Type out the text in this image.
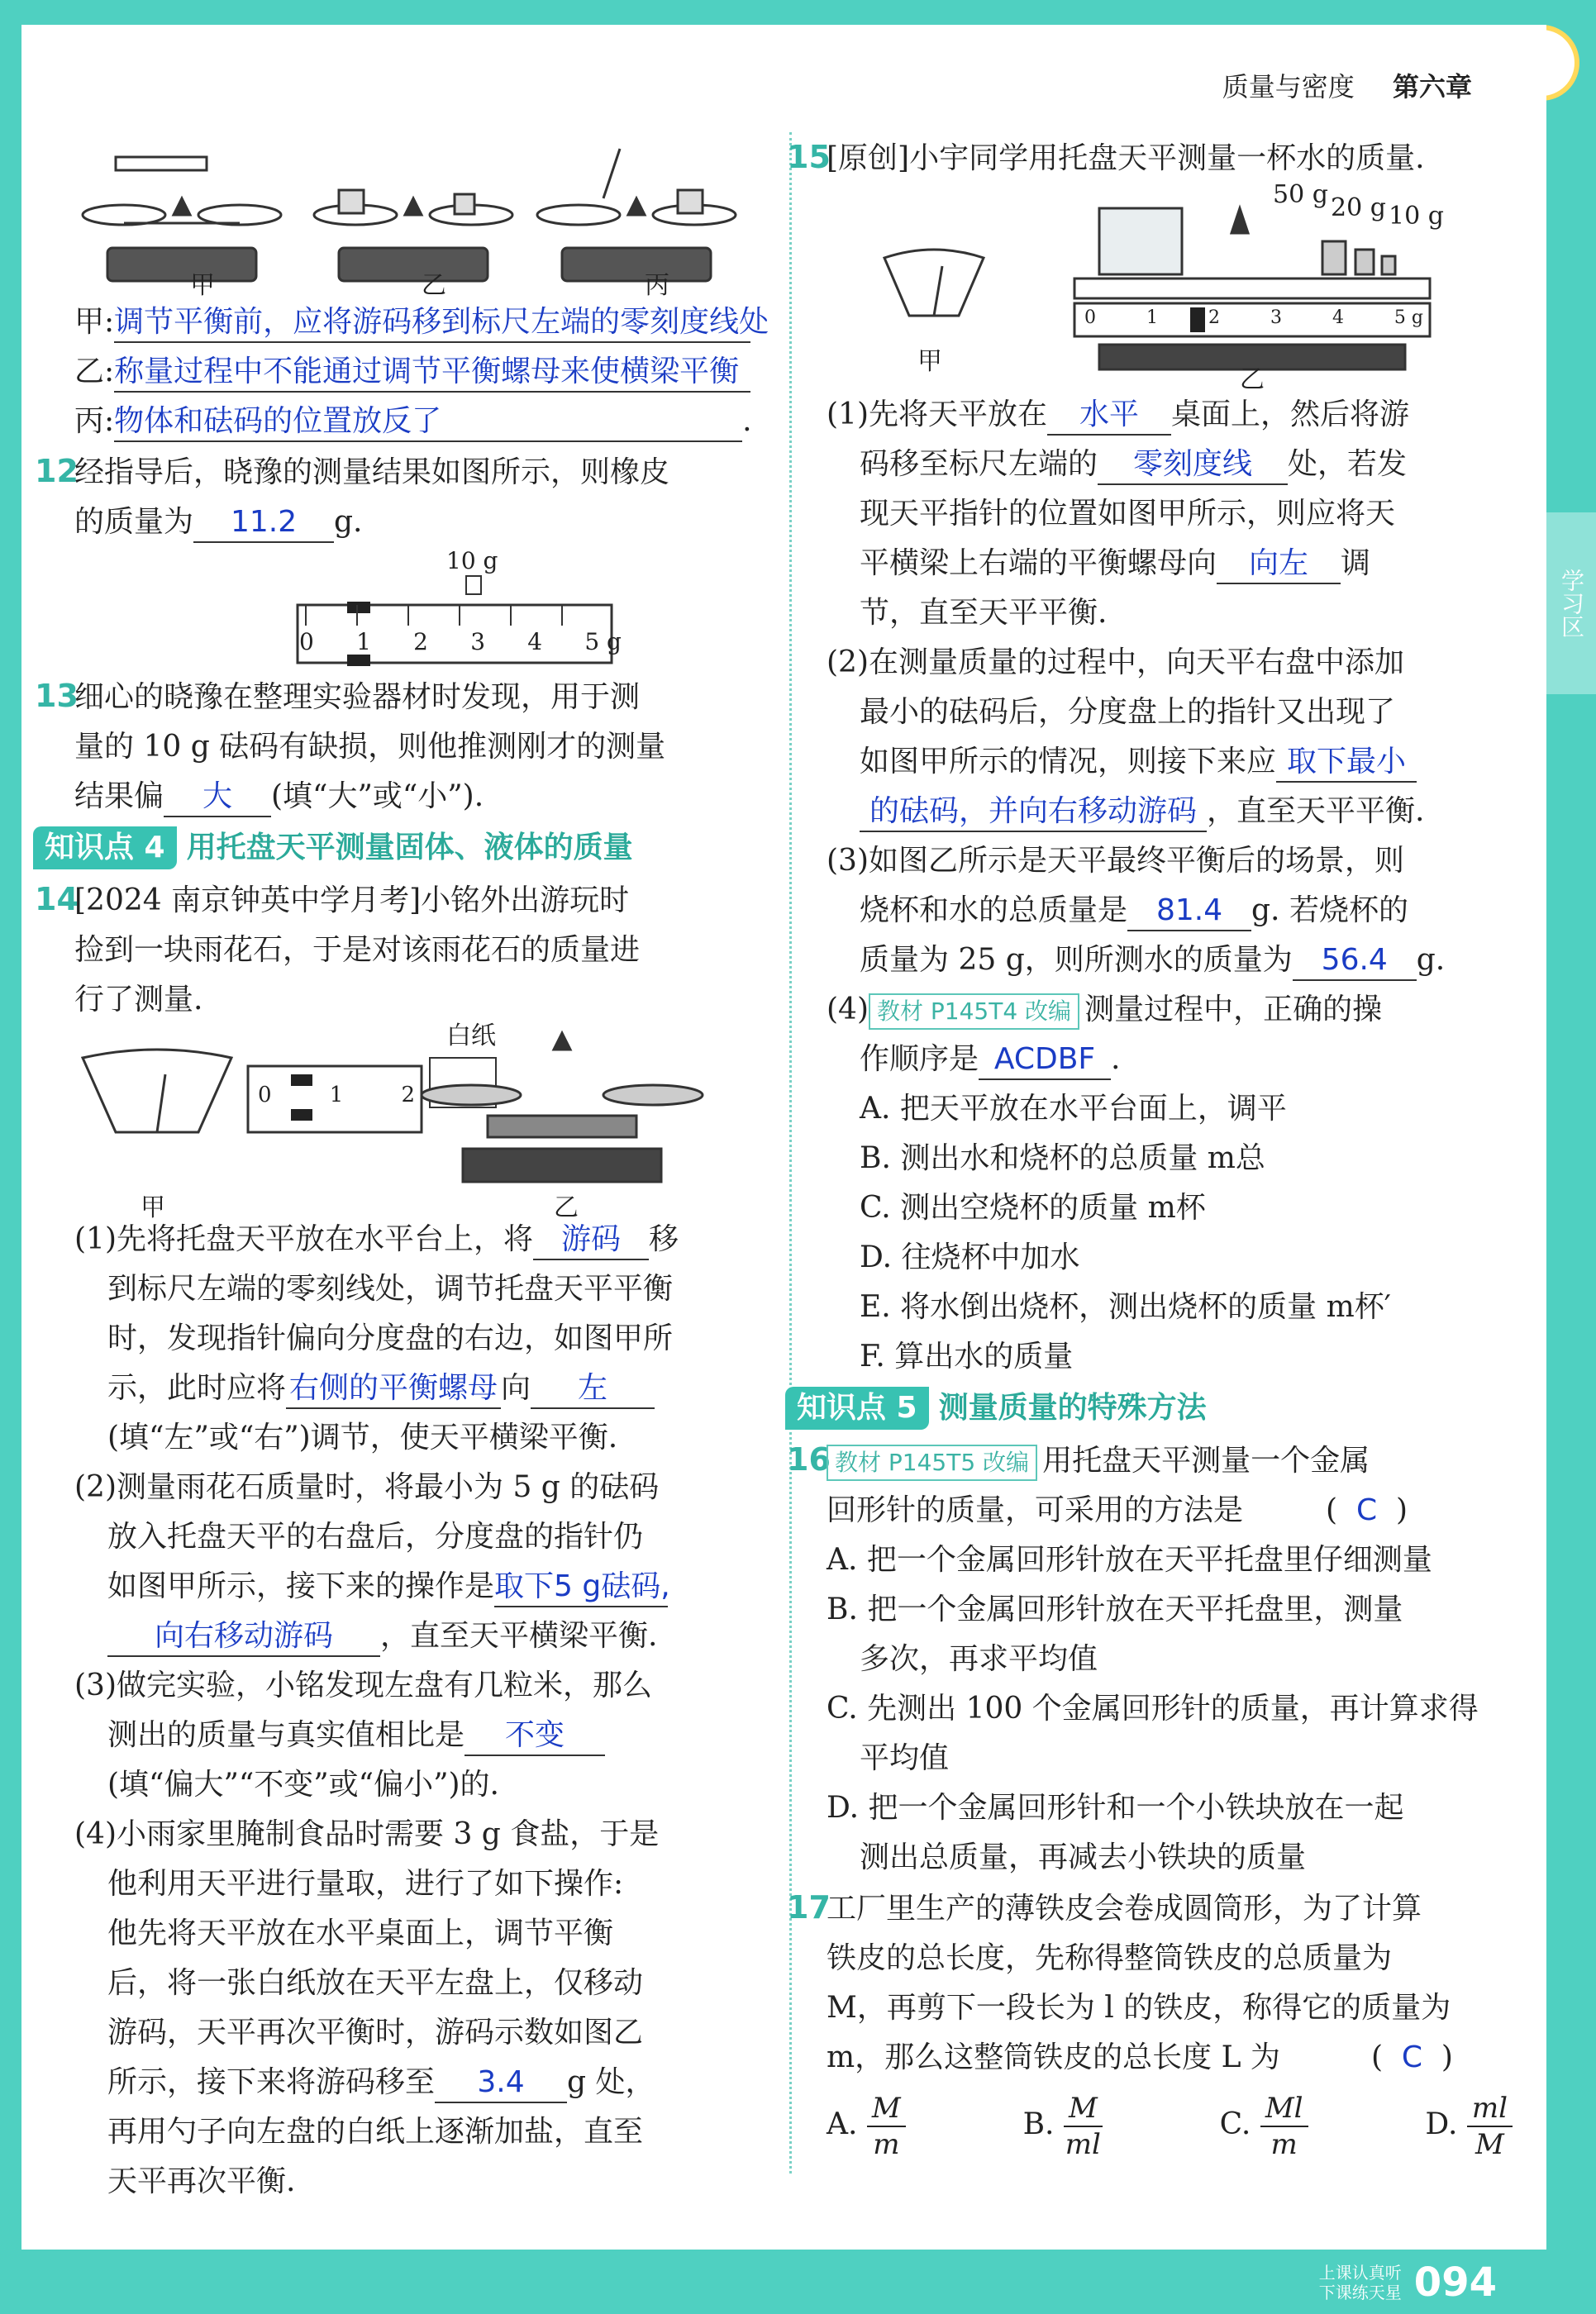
质量与密度 第六章
学习区
甲	乙	丙
甲:调节平衡前，应将游码移到标尺左端的零刻度线处
乙:称量过程中不能通过调节平衡螺母来使横梁平衡
丙:物体和砝码的位置放反了	.
12经指导后，晓豫的测量结果如图所示，则橡皮
的质量为 11.2 g.
10 g
0 1 2 3 4 5 g
13细心的晓豫在整理实验器材时发现，用于测
量的 10 g 砝码有缺损，则他推测刚才的测量
结果偏 大 (填“大”或“小”).
知识点 4 用托盘天平测量固体、液体的质量
14[2024 南京钟英中学月考]小铭外出游玩时
捡到一块雨花石，于是对该雨花石的质量进
行了测量.
白纸
甲	乙
0	1	2
(1)先将托盘天平放在水平台上，将 游码 移
到标尺左端的零刻线处，调节托盘天平平衡
时，发现指针偏向分度盘的右边，如图甲所
示，此时应将 右侧的平衡螺母 向 左
(填“左”或“右”)调节，使天平横梁平衡.
(2)测量雨花石质量时，将最小为 5 g 的砝码
放入托盘天平的右盘后，分度盘的指针仍
如图甲所示，接下来的操作是取下5 g砝码,
向右移动游码 ，直至天平横梁平衡.
(3)做完实验，小铭发现左盘有几粒米，那么
测出的质量与真实值相比是 不变
(填“偏大”“不变”或“偏小”)的.
(4)小雨家里腌制食品时需要 3 g 食盐，于是
他利用天平进行量取，进行了如下操作:
他先将天平放在水平桌面上，调节平衡
后，将一张白纸放在天平左盘上，仅移动
游码，天平再次平衡时，游码示数如图乙
所示，接下来将游码移至 3.4 g 处，
再用勺子向左盘的白纸上逐渐加盐，直至
天平再次平衡.
15[原创]小宇同学用托盘天平测量一杯水的质量.
50 g 20 g 10 g
甲
乙
0	1	2	3	4	5 g
(1)先将天平放在 水平 桌面上，然后将游
码移至标尺左端的 零刻度线 处，若发
现天平指针的位置如图甲所示，则应将天
平横梁上右端的平衡螺母向 向左 调
节，直至天平平衡.
(2)在测量质量的过程中，向天平右盘中添加
最小的砝码后，分度盘上的指针又出现了
如图甲所示的情况，则接下来应 取下最小
的砝码，并向右移动游码 ，直至天平平衡.
(3)如图乙所示是天平最终平衡后的场景，则
烧杯和水的总质量是 81.4 g. 若烧杯的
质量为 25 g，则所测水的质量为 56.4 g.
(4) 教材 P145T4 改编 测量过程中，正确的操
作顺序是 ACDBF .
A. 把天平放在水平台面上，调平
B. 测出水和烧杯的总质量 m总
C. 测出空烧杯的质量 m杯
D. 往烧杯中加水
E. 将水倒出烧杯，测出烧杯的质量 m杯′
F. 算出水的质量
知识点 5 测量质量的特殊方法
16 教材 P145T5 改编 用托盘天平测量一个金属
回形针的质量，可采用的方法是	(  C  )
A. 把一个金属回形针放在天平托盘里仔细测量
B. 把一个金属回形针放在天平托盘里，测量
多次，再求平均值
C. 先测出 100 个金属回形针的质量，再计算求得
平均值
D. 把一个金属回形针和一个小铁块放在一起
测出总质量，再减去小铁块的质量
17工厂里生产的薄铁皮会卷成圆筒形，为了计算
铁皮的总长度，先称得整筒铁皮的总质量为
M，再剪下一段长为 l 的铁皮，称得它的质量为
m，那么这整筒铁皮的总长度 L 为	(  C  )
A. $\frac{M}{m}$	B. $\frac{M}{ml}$	C. $\frac{Ml}{m}$	D. $\frac{ml}{M}$
上课认真听
下课练天星 094
